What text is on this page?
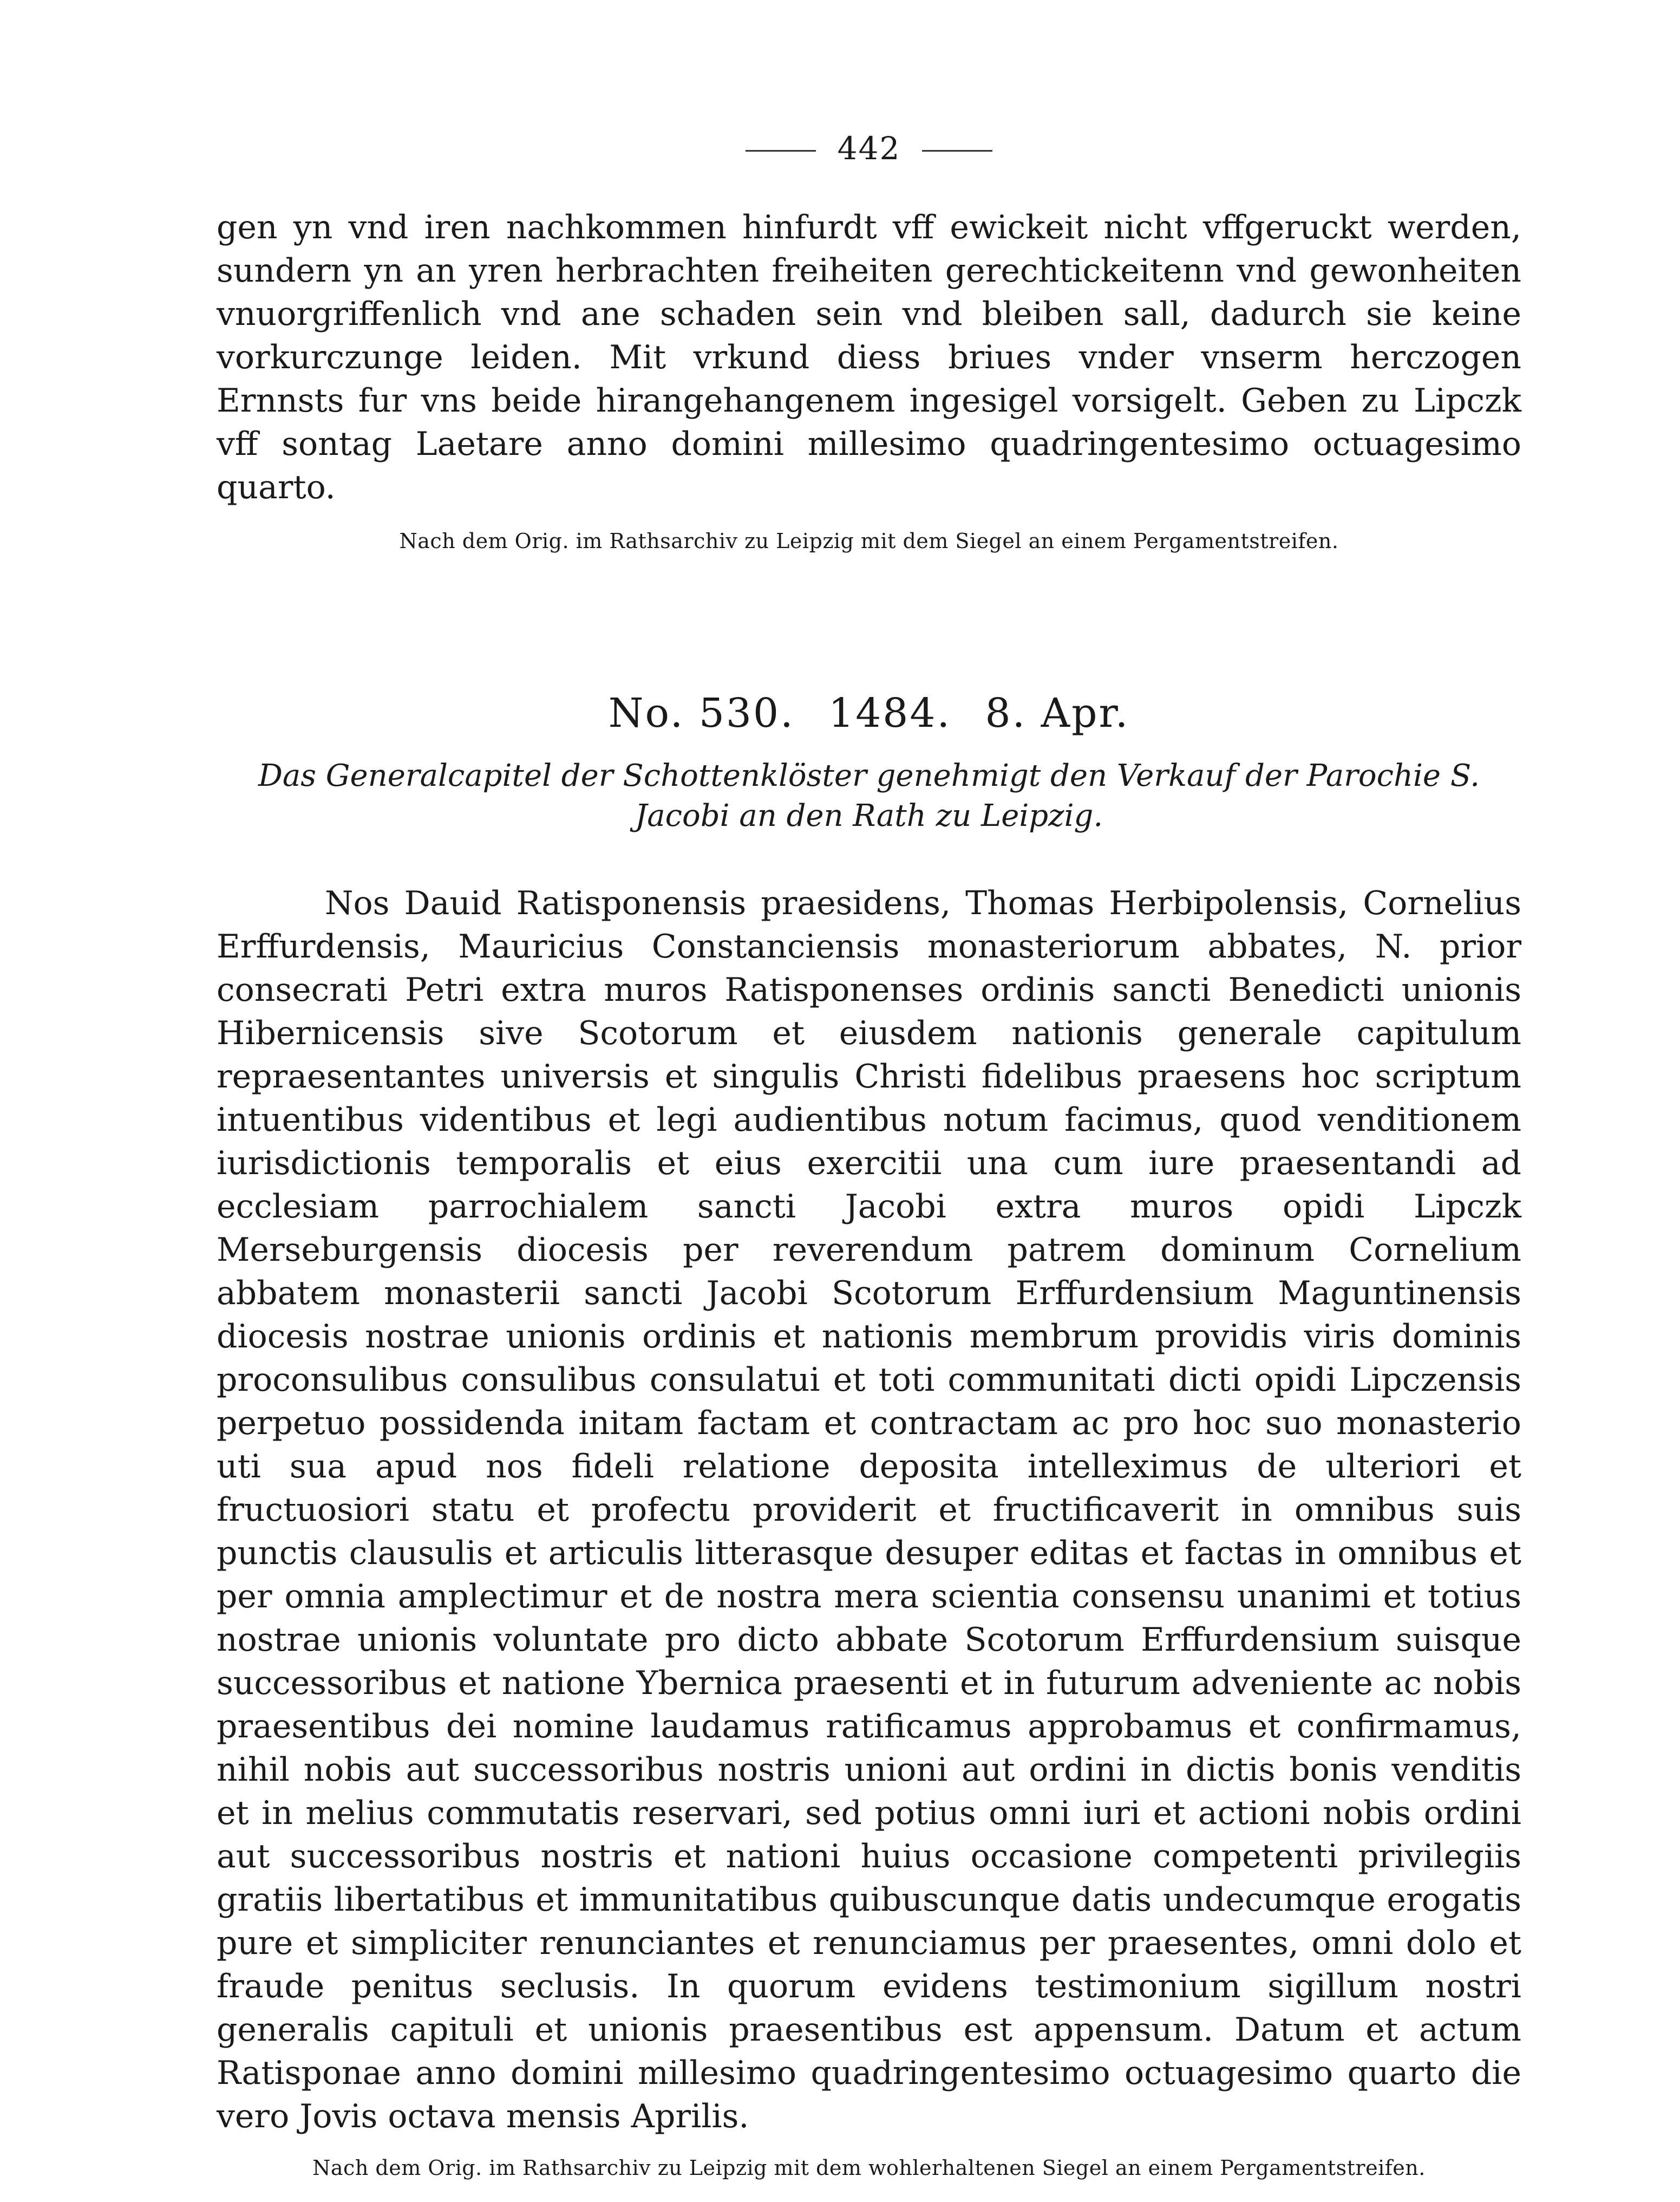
442

gen yn vnd iren nachkommen hinfurdt vff ewickeit nicht vffgeruckt werden, sundern yn an yren herbrachten freiheiten gerechtickeitenn vnd gewonheiten vnuorgriffenlich vnd ane schaden sein vnd bleiben sall, dadurch sie keine vorkurczunge leiden. Mit vrkund diess briues vnder vnserm herczogen Ernnsts fur vns beide hirangehangenem ingesigel vorsigelt. Geben zu Lipczk vff sontag Laetare anno domini millesimo quadringentesimo octuagesimo quarto.

Nach dem Orig. im Rathsarchiv zu Leipzig mit dem Siegel an einem Pergamentstreifen.

No. 530. 1484. 8. Apr.

Das Generalcapitel der Schottenklöster genehmigt den Verkauf der Parochie S. Jacobi an den Rath zu Leipzig.

Nos Dauid Ratisponensis praesidens, Thomas Herbipolensis, Cornelius Erffurdensis, Mauricius Constanciensis monasteriorum abbates, N. prior consecrati Petri extra muros Ratisponenses ordinis sancti Benedicti unionis Hibernicensis sive Scotorum et eiusdem nationis generale capitulum repraesentantes universis et singulis Christi fidelibus praesens hoc scriptum intuentibus videntibus et legi audientibus notum facimus, quod venditionem iurisdictionis temporalis et eius exercitii una cum iure praesentandi ad ecclesiam parrochialem sancti Jacobi extra muros opidi Lipczk Merseburgensis diocesis per reverendum patrem dominum Cornelium abbatem monasterii sancti Jacobi Scotorum Erffurdensium Maguntinensis diocesis nostrae unionis ordinis et nationis membrum providis viris dominis proconsulibus consulibus consulatui et toti communitati dicti opidi Lipczensis perpetuo possidenda initam factam et contractam ac pro hoc suo monasterio uti sua apud nos fideli relatione deposita intelleximus de ulteriori et fructuosiori statu et profectu providerit et fructificaverit in omnibus suis punctis clausulis et articulis litterasque desuper editas et factas in omnibus et per omnia amplectimur et de nostra mera scientia consensu unanimi et totius nostrae unionis voluntate pro dicto abbate Scotorum Erffurdensium suisque successoribus et natione Ybernica praesenti et in futurum adveniente ac nobis praesentibus dei nomine laudamus ratificamus approbamus et confirmamus, nihil nobis aut successoribus nostris unioni aut ordini in dictis bonis venditis et in melius commutatis reservari, sed potius omni iuri et actioni nobis ordini aut successoribus nostris et nationi huius occasione competenti privilegiis gratiis libertatibus et immunitatibus quibuscunque datis undecumque erogatis pure et simpliciter renunciantes et renunciamus per praesentes, omni dolo et fraude penitus seclusis. In quorum evidens testimonium sigillum nostri generalis capituli et unionis praesentibus est appensum. Datum et actum Ratisponae anno domini millesimo quadringentesimo octuagesimo quarto die vero Jovis octava mensis Aprilis.

Nach dem Orig. im Rathsarchiv zu Leipzig mit dem wohlerhaltenen Siegel an einem Pergamentstreifen.
